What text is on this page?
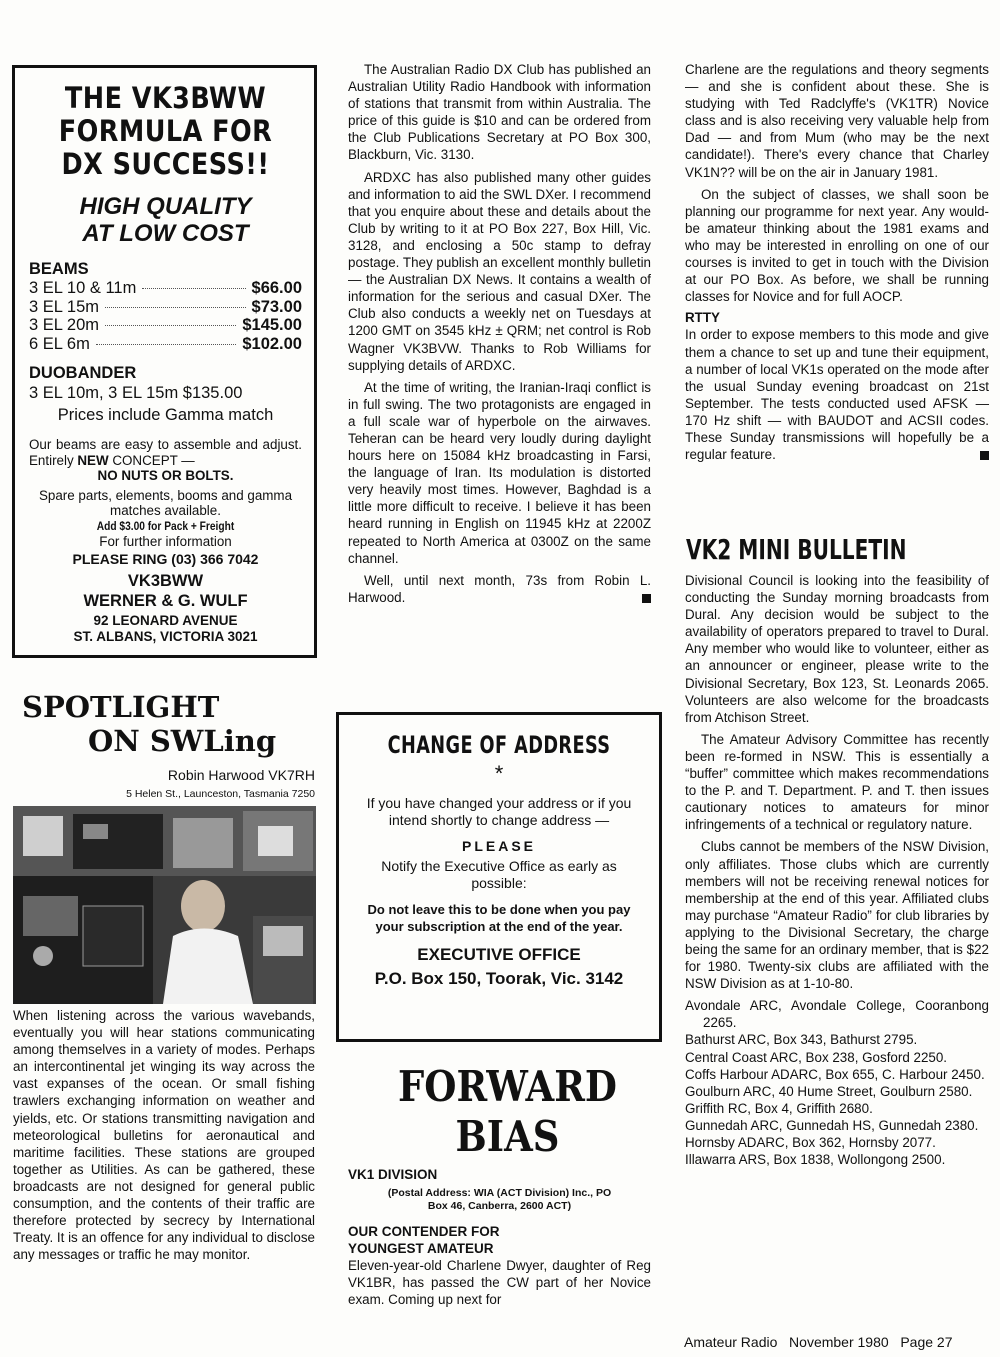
THE VK3BWW
FORMULA FOR
DX SUCCESS!!
HIGH QUALITY
AT LOW COST
BEAMS
3 EL 10 & 11m	$66.00
3 EL 15m	$73.00
3 EL 20m	$145.00
6 EL 6m	$102.00
DUOBANDER
3 EL 10m, 3 EL 15m $135.00
Prices include Gamma match
Our beams are easy to assemble and adjust. Entirely NEW CONCEPT —
NO NUTS OR BOLTS.
Spare parts, elements, booms and gamma matches available.
Add $3.00 for Pack + Freight
For further information
PLEASE RING (03) 366 7042
VK3BWW
WERNER & G. WULF
92 LEONARD AVENUE
ST. ALBANS, VICTORIA 3021
SPOTLIGHT
ON SWLing
Robin Harwood VK7RH
5 Helen St., Launceston, Tasmania 7250

When listening across the various wavebands, eventually you will hear stations communicating among themselves in a variety of modes. Perhaps an intercontinental jet winging its way across the vast expanses of the ocean. Or small fishing trawlers exchanging information on weather and yields, etc. Or stations transmitting navigation and meteorological bulletins for aeronautical and maritime facilities. These stations are grouped together as Utilities. As can be gathered, these broadcasts are not designed for general public consumption, and the contents of their traffic are therefore protected by secrecy by International Treaty. It is an offence for any individual to disclose any messages or traffic he may monitor.

The Australian Radio DX Club has published an Australian Utility Radio Handbook with information of stations that transmit from within Australia. The price of this guide is $10 and can be ordered from the Club Publications Secretary at PO Box 300, Blackburn, Vic. 3130.

ARDXC has also published many other guides and information to aid the SWL DXer. I recommend that you enquire about these and details about the Club by writing to it at PO Box 227, Box Hill, Vic. 3128, and enclosing a 50c stamp to defray postage. They publish an excellent monthly bulletin — the Australian DX News. It contains a wealth of information for the serious and casual DXer. The Club also conducts a weekly net on Tuesdays at 1200 GMT on 3545 kHz ± QRM; net control is Rob Wagner VK3BVW. Thanks to Rob Williams for supplying details of ARDXC.

At the time of writing, the Iranian-Iraqi conflict is in full swing. The two protagonists are engaged in a full scale war of hyperbole on the airwaves. Teheran can be heard very loudly during daylight hours here on 15084 kHz broadcasting in Farsi, the language of Iran. Its modulation is distorted very heavily most times. However, Baghdad is a little more difficult to receive. I believe it has been heard running in English on 11945 kHz at 2200Z repeated to North America at 0300Z on the same channel.

Well, until next month, 73s from Robin L. Harwood.

CHANGE OF ADDRESS

*

If you have changed your address or if you intend shortly to change address —

PLEASE

Notify the Executive Office as early as possible:

Do not leave this to be done when you pay your subscription at the end of the year.

EXECUTIVE OFFICE

P.O. Box 150, Toorak, Vic. 3142

FORWARD
BIAS

VK1 DIVISION

(Postal Address: WIA (ACT Division) Inc., PO Box 46, Canberra, 2600 ACT)

OUR CONTENDER FOR YOUNGEST AMATEUR

Eleven-year-old Charlene Dwyer, daughter of Reg VK1BR, has passed the CW part of her Novice exam. Coming up next for

Charlene are the regulations and theory segments — and she is confident about these. She is studying with Ted Radclyffe's (VK1TR) Novice class and is also receiving very valuable help from Dad — and from Mum (who may be the next candidate!). There's every chance that Charley VK1N?? will be on the air in January 1981.

On the subject of classes, we shall soon be planning our programme for next year. Any would-be amateur thinking about the 1981 exams and who may be interested in enrolling on one of our courses is invited to get in touch with the Division at our PO Box. As before, we shall be running classes for Novice and for full AOCP.

RTTY

In order to expose members to this mode and give them a chance to set up and tune their equipment, a number of local VK1s operated on the mode after the usual Sunday evening broadcast on 21st September. The tests conducted used AFSK — 170 Hz shift — with BAUDOT and ACSII codes. These Sunday transmissions will hopefully be a regular feature.

VK2 MINI BULLETIN

Divisional Council is looking into the feasibility of conducting the Sunday morning broadcasts from Dural. Any decision would be subject to the availability of operators prepared to travel to Dural. Any member who would like to volunteer, either as an announcer or engineer, please write to the Divisional Secretary, Box 123, St. Leonards 2065. Volunteers are also welcome for the broadcasts from Atchison Street.

The Amateur Advisory Committee has recently been re-formed in NSW. This is essentially a “buffer” committee which makes recommendations to the P. and T. Department. P. and T. then issues cautionary notices to amateurs for minor infringements of a technical or regulatory nature.

Clubs cannot be members of the NSW Division, only affiliates. Those clubs which are currently members will not be receiving renewal notices for membership at the end of this year. Affiliated clubs may purchase “Amateur Radio” for club libraries by applying to the Divisional Secretary, the charge being the same for an ordinary member, that is $22 for 1980. Twenty-six clubs are affiliated with the NSW Division as at 1-10-80.

Avondale ARC, Avondale College, Cooranbong 2265.

Bathurst ARC, Box 343, Bathurst 2795.

Central Coast ARC, Box 238, Gosford 2250.

Coffs Harbour ADARC, Box 655, C. Harbour 2450.

Goulburn ARC, 40 Hume Street, Goulburn 2580.

Griffith RC, Box 4, Griffith 2680.

Gunnedah ARC, Gunnedah HS, Gunnedah 2380.

Hornsby ADARC, Box 362, Hornsby 2077.

Illawarra ARS, Box 1838, Wollongong 2500.

Amateur Radio   November 1980   Page 27
